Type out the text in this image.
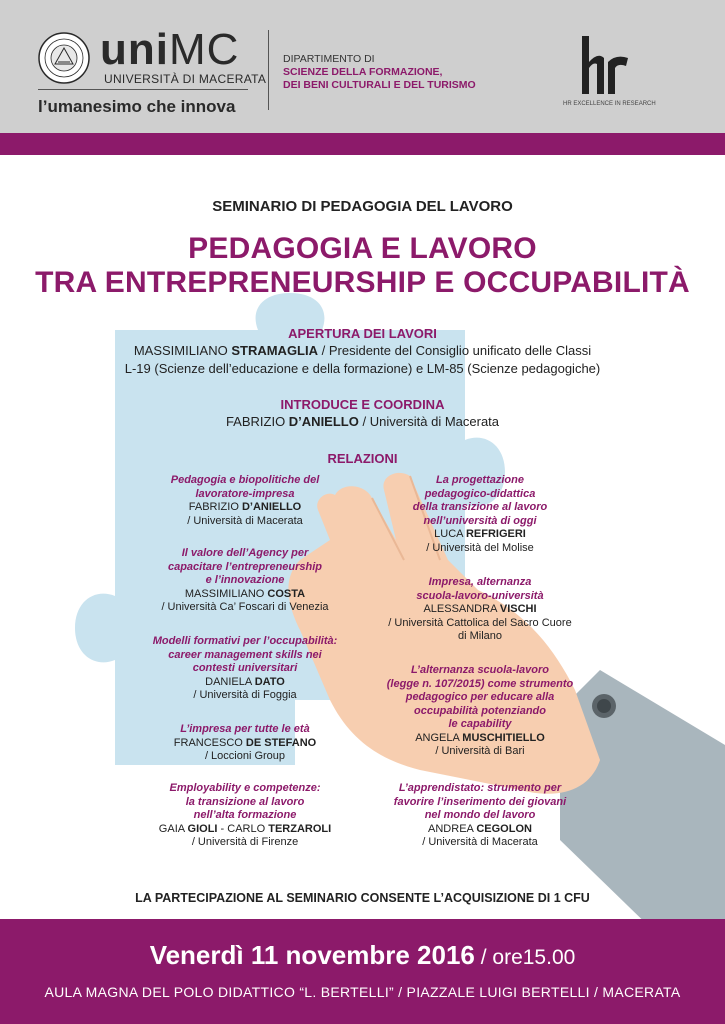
uniMC
UNIVERSITÀ DI MACERATA
l’umanesimo che innova
DIPARTIMENTO DI
SCIENZE DELLA FORMAZIONE,
DEI BENI CULTURALI E DEL TURISMO
HR EXCELLENCE IN RESEARCH
SEMINARIO DI PEDAGOGIA DEL LAVORO
PEDAGOGIA E LAVORO
TRA ENTREPRENEURSHIP E OCCUPABILITÀ
APERTURA DEI LAVORI
MASSIMILIANO STRAMAGLIA / Presidente del Consiglio unificato delle Classi
L-19 (Scienze dell’educazione e della formazione) e LM-85 (Scienze pedagogiche)
INTRODUCE E COORDINA
FABRIZIO D’ANIELLO / Università di Macerata
RELAZIONI
Pedagogia e biopolitiche del
lavoratore-impresa
FABRIZIO D’ANIELLO
/ Università di Macerata
Il valore dell’Agency per
capacitare l’entrepreneurship
e l’innovazione
MASSIMILIANO COSTA
/ Università Ca’ Foscari di Venezia
Modelli formativi per l’occupabilità:
career management skills nei
contesti universitari
DANIELA DATO
/ Università di Foggia
L’impresa per tutte le età
FRANCESCO DE STEFANO
/ Loccioni Group
Employability e competenze:
la transizione al lavoro
nell’alta formazione
GAIA GIOLI - CARLO TERZAROLI
/ Università di Firenze
La progettazione
pedagogico-didattica
della transizione al lavoro
nell’università di oggi
LUCA REFRIGERI
/ Università del Molise
Impresa, alternanza
scuola-lavoro-università
ALESSANDRA VISCHI
/ Università Cattolica del Sacro Cuore
di Milano
L’alternanza scuola-lavoro
(legge n. 107/2015) come strumento
pedagogico per educare alla
occupabilità potenziando
le capability
ANGELA MUSCHITIELLO
/ Università di Bari
L’apprendistato: strumento per
favorire l’inserimento dei giovani
nel mondo del lavoro
ANDREA CEGOLON
/ Università di Macerata
LA PARTECIPAZIONE AL SEMINARIO CONSENTE L’ACQUISIZIONE DI 1 CFU
Venerdì 11 novembre 2016 / ore15.00
AULA MAGNA DEL POLO DIDATTICO “L. BERTELLI” / PIAZZALE LUIGI BERTELLI / MACERATA
